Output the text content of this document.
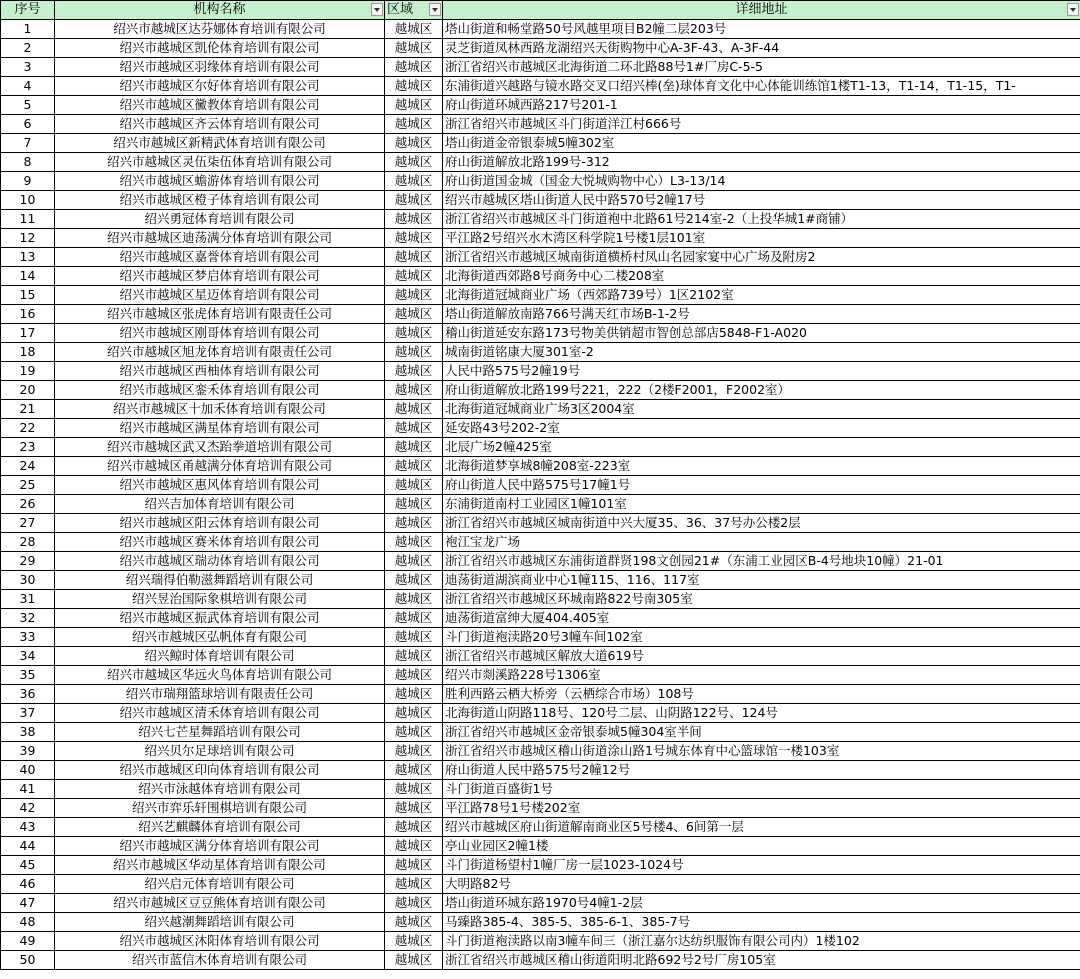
序号	机构名称	区域	详细地址

1	绍兴市越城区达芬娜体育培训有限公司	越城区	塔山街道和畅堂路50号风越里项目B2幢二层203号
2	绍兴市越城区凯伦体育培训有限公司	越城区	灵芝街道凤林西路龙湖绍兴天街购物中心A-3F-43、A-3F-44
3	绍兴市越城区羽缘体育培训有限公司	越城区	浙江省绍兴市越城区北海街道二环北路88号1#厂房C-5-5
4	绍兴市越城区尔好体育培训有限公司	越城区	东浦街道兴越路与镜水路交叉口绍兴棒(垒)球体育文化中心体能训练馆1楼T1-13，T1-14，T1-15，T1-
5	绍兴市越城区黴教体育培训有限公司	越城区	府山街道环城西路217号201-1
6	绍兴市越城区齐云体育培训有限公司	越城区	浙江省绍兴市越城区斗门街道洋江村666号
7	绍兴市越城区新精武体育培训有限公司	越城区	塔山街道金帝银泰城5幢302室
8	绍兴市越城区灵伍柒伍体育培训有限公司	越城区	府山街道解放北路199号-312
9	绍兴市越城区蟾游体育培训有限公司	越城区	府山街道国金城（国金大悦城购物中心）L3-13/14
10	绍兴市越城区橙子体育培训有限公司	越城区	绍兴市越城区塔山街道人民中路570号2幢17号
11	绍兴勇冠体育培训有限公司	越城区	浙江省绍兴市越城区斗门街道袍中北路61号214室-2（上投华城1#商铺）
12	绍兴市越城区迪荡满分体育培训有限公司	越城区	平江路2号绍兴水木湾区科学院1号楼1层101室
13	绍兴市越城区嘉誉体育培训有限公司	越城区	浙江省绍兴市越城区城南街道横桥村凤山名园家宴中心广场及附房2
14	绍兴市越城区梦启体育培训有限公司	越城区	北海街道西郊路8号商务中心二楼208室
15	绍兴市越城区星迈体育培训有限公司	越城区	北海街道冠城商业广场（西郊路739号）1区2102室
16	绍兴市越城区张虎体育培训有限责任公司	越城区	塔山街道解放南路766号满天红市场B-1-2号
17	绍兴市越城区刚哥体育培训有限公司	越城区	稽山街道延安东路173号物美供销超市智创总部店5848-F1-A020
18	绍兴市越城区旭龙体育培训有限责任公司	越城区	城南街道铭康大厦301室-2
19	绍兴市越城区西柚体育培训有限公司	越城区	人民中路575号2幢19号
20	绍兴市越城区銮禾体育培训有限公司	越城区	府山街道解放北路199号221，222（2楼F2001，F2002室）
21	绍兴市越城区十加禾体育培训有限公司	越城区	北海街道冠城商业广场3区2004室
22	绍兴市越城区满星体育培训有限公司	越城区	延安路43号202-2室
23	绍兴市越城区武又杰跆拳道培训有限公司	越城区	北辰广场2幢425室
24	绍兴市越城区甬越满分体育培训有限公司	越城区	北海街道梦享城8幢208室-223室
25	绍兴市越城区惠风体育培训有限公司	越城区	府山街道人民中路575号17幢1号
26	绍兴吉加体育培训有限公司	越城区	东浦街道南村工业园区1幢101室
27	绍兴市越城区阳云体育培训有限公司	越城区	浙江省绍兴市越城区城南街道中兴大厦35、36、37号办公楼2层
28	绍兴市越城区赛米体育培训有限公司	越城区	袍江宝龙广场
29	绍兴市越城区瑞动体育培训有限公司	越城区	浙江省绍兴市越城区东浦街道群贤198文创园21#（东浦工业园区B-4号地块10幢）21-01
30	绍兴瑞得伯勒滋舞蹈培训有限公司	越城区	迪荡街道湖滨商业中心1幢115、116、117室
31	绍兴昱治国际象棋培训有限公司	越城区	浙江省绍兴市越城区环城南路822号南305室
32	绍兴市越城区振武体育培训有限公司	越城区	迪荡街道富绅大厦404.405室
33	绍兴市越城区弘帆体育有限公司	越城区	斗门街道袍渎路20号3幢车间102室
34	绍兴鲸时体育培训有限公司	越城区	浙江省绍兴市越城区解放大道619号
35	绍兴市越城区华远火鸟体育培训有限公司	越城区	绍兴市剡溪路228号1306室
36	绍兴市瑞翔篮球培训有限责任公司	越城区	胜利西路云栖大桥旁（云栖综合市场）108号
37	绍兴市越城区清禾体育培训有限公司	越城区	北海街道山阴路118号、120号二层、山阴路122号、124号
38	绍兴七芒星舞蹈培训有限公司	越城区	浙江省绍兴市越城区金帝银泰城5幢304室半间
39	绍兴贝尔足球培训有限公司	越城区	浙江省绍兴市越城区稽山街道涂山路1号城东体育中心篮球馆一楼103室
40	绍兴市越城区印向体育培训有限公司	越城区	府山街道人民中路575号2幢12号
41	绍兴市泳越体育培训有限公司	越城区	斗门街道百盛街1号
42	绍兴市弈乐轩围棋培训有限公司	越城区	平江路78号1号楼202室
43	绍兴艺麒麟体育培训有限公司	越城区	绍兴市越城区府山街道解南商业区5号楼4、6间第一层
44	绍兴市越城区满分体育培训有限公司	越城区	亭山业园区2幢1楼
45	绍兴市越城区华动星体育培训有限公司	越城区	斗门街道杨望村1幢厂房一层1023-1024号
46	绍兴启元体育培训有限公司	越城区	大明路82号
47	绍兴市越城区豆豆熊体育培训有限公司	越城区	塔山街道环城东路1970号4幢1-2层
48	绍兴越潮舞蹈培训有限公司	越城区	马臻路385-4、385-5、385-6-1、385-7号
49	绍兴市越城区沐阳体育培训有限公司	越城区	斗门街道袍渎路以南3幢车间三（浙江嘉尔达纺织服饰有限公司内）1楼102
50	绍兴市蓝信木体育培训有限公司	越城区	浙江省绍兴市越城区稽山街道阳明北路692号2号厂房105室
